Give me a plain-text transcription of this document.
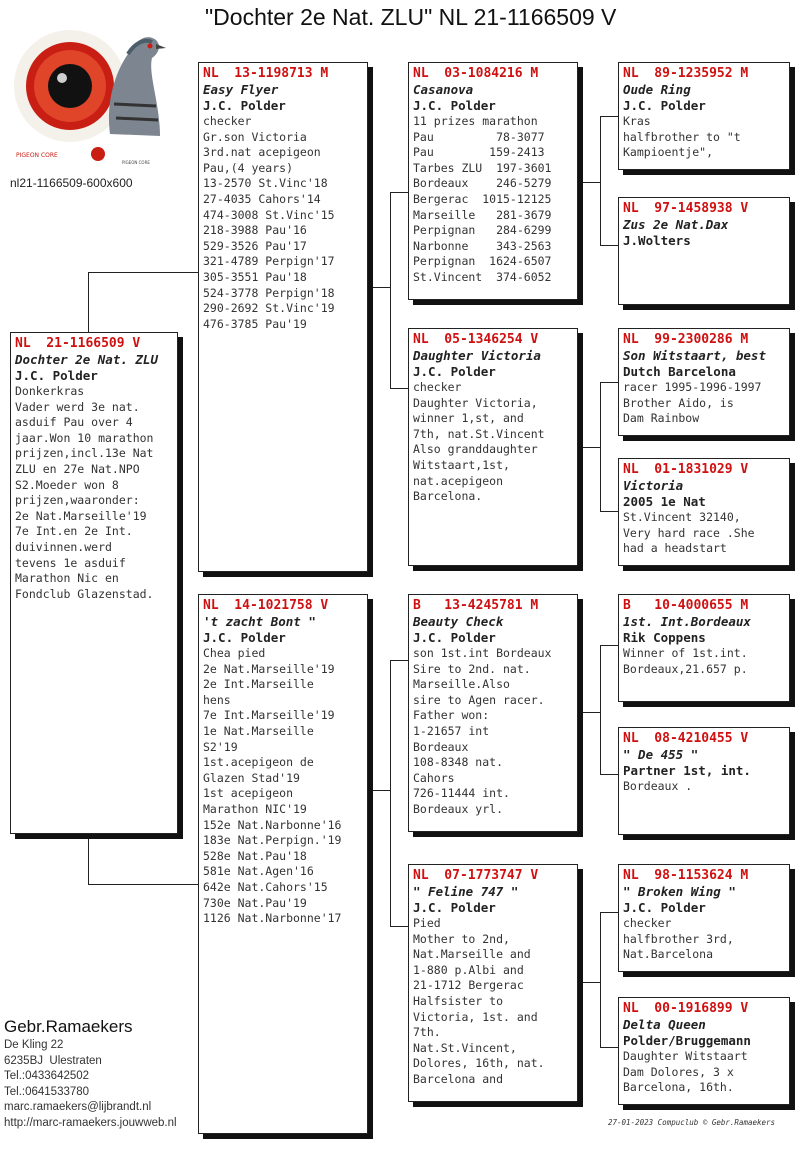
"Dochter 2e Nat. ZLU" NL 21-1166509 V
PIGEON CORE
PIGEON CORE
nl21-1166509-600x600
NL  21-1166509 V
Dochter 2e Nat. ZLU
J.C. Polder
Donkerkras
Vader werd 3e nat.
asduif Pau over 4
jaar.Won 10 marathon
prijzen,incl.13e Nat
ZLU en 27e Nat.NPO
S2.Moeder won 8
prijzen,waaronder:
2e Nat.Marseille'19
7e Int.en 2e Int.
duivinnen.werd
tevens 1e asduif
Marathon Nic en
Fondclub Glazenstad.
NL  13-1198713 M
Easy Flyer
J.C. Polder
checker
Gr.son Victoria
3rd.nat acepigeon
Pau,(4 years)
13-2570 St.Vinc'18
27-4035 Cahors'14
474-3008 St.Vinc'15
218-3988 Pau'16
529-3526 Pau'17
321-4789 Perpign'17
305-3551 Pau'18
524-3778 Perpign'18
290-2692 St.Vinc'19
476-3785 Pau'19
NL  14-1021758 V
't zacht Bont "
J.C. Polder
Chea pied
2e Nat.Marseille'19
2e Int.Marseille
hens
7e Int.Marseille'19
1e Nat.Marseille
S2'19
1st.acepigeon de
Glazen Stad'19
1st acepigeon
Marathon NIC'19
152e Nat.Narbonne'16
183e Nat.Perpign.'19
528e Nat.Pau'18
581e Nat.Agen'16
642e Nat.Cahors'15
730e Nat.Pau'19
1126 Nat.Narbonne'17
NL  03-1084216 M
Casanova
J.C. Polder
11 prizes marathon
Pau         78-3077
Pau        159-2413
Tarbes ZLU  197-3601
Bordeaux    246-5279
Bergerac  1015-12125
Marseille   281-3679
Perpignan   284-6299
Narbonne    343-2563
Perpignan  1624-6507
St.Vincent  374-6052
NL  05-1346254 V
Daughter Victoria
J.C. Polder
checker
Daughter Victoria,
winner 1,st, and
7th, nat.St.Vincent
Also granddaughter
Witstaart,1st,
nat.acepigeon
Barcelona.
B   13-4245781 M
Beauty Check
J.C. Polder
son 1st.int Bordeaux
Sire to 2nd. nat.
Marseille.Also
sire to Agen racer.
Father won:
1-21657 int
Bordeaux
108-8348 nat.
Cahors
726-11444 int.
Bordeaux yrl.
NL  07-1773747 V
" Feline 747 "
J.C. Polder
Pied
Mother to 2nd,
Nat.Marseille and
1-880 p.Albi and
21-1712 Bergerac
Halfsister to
Victoria, 1st. and
7th.
Nat.St.Vincent,
Dolores, 16th, nat.
Barcelona and
NL  89-1235952 M
Oude Ring
J.C. Polder
Kras
halfbrother to "t
Kampioentje",
NL  97-1458938 V
Zus 2e Nat.Dax
J.Wolters
NL  99-2300286 M
Son Witstaart, best
Dutch Barcelona
racer 1995-1996-1997
Brother Aido, is
Dam Rainbow
NL  01-1831029 V
Victoria
2005 1e Nat
St.Vincent 32140,
Very hard race .She
had a headstart
B   10-4000655 M
1st. Int.Bordeaux
Rik Coppens
Winner of 1st.int.
Bordeaux,21.657 p.
NL  08-4210455 V
" De 455 "
Partner 1st, int.
Bordeaux .
NL  98-1153624 M
" Broken Wing "
J.C. Polder
checker
halfbrother 3rd,
Nat.Barcelona
NL  00-1916899 V
Delta Queen
Polder/Bruggemann
Daughter Witstaart
Dam Dolores, 3 x
Barcelona, 16th.
Gebr.Ramaekers
De Kling 22
6235BJ  Ulestraten
Tel.:0433642502
Tel.:0641533780
marc.ramaekers@lijbrandt.nl
http://marc-ramaekers.jouwweb.nl	27-01-2023 Compuclub © Gebr.Ramaekers
